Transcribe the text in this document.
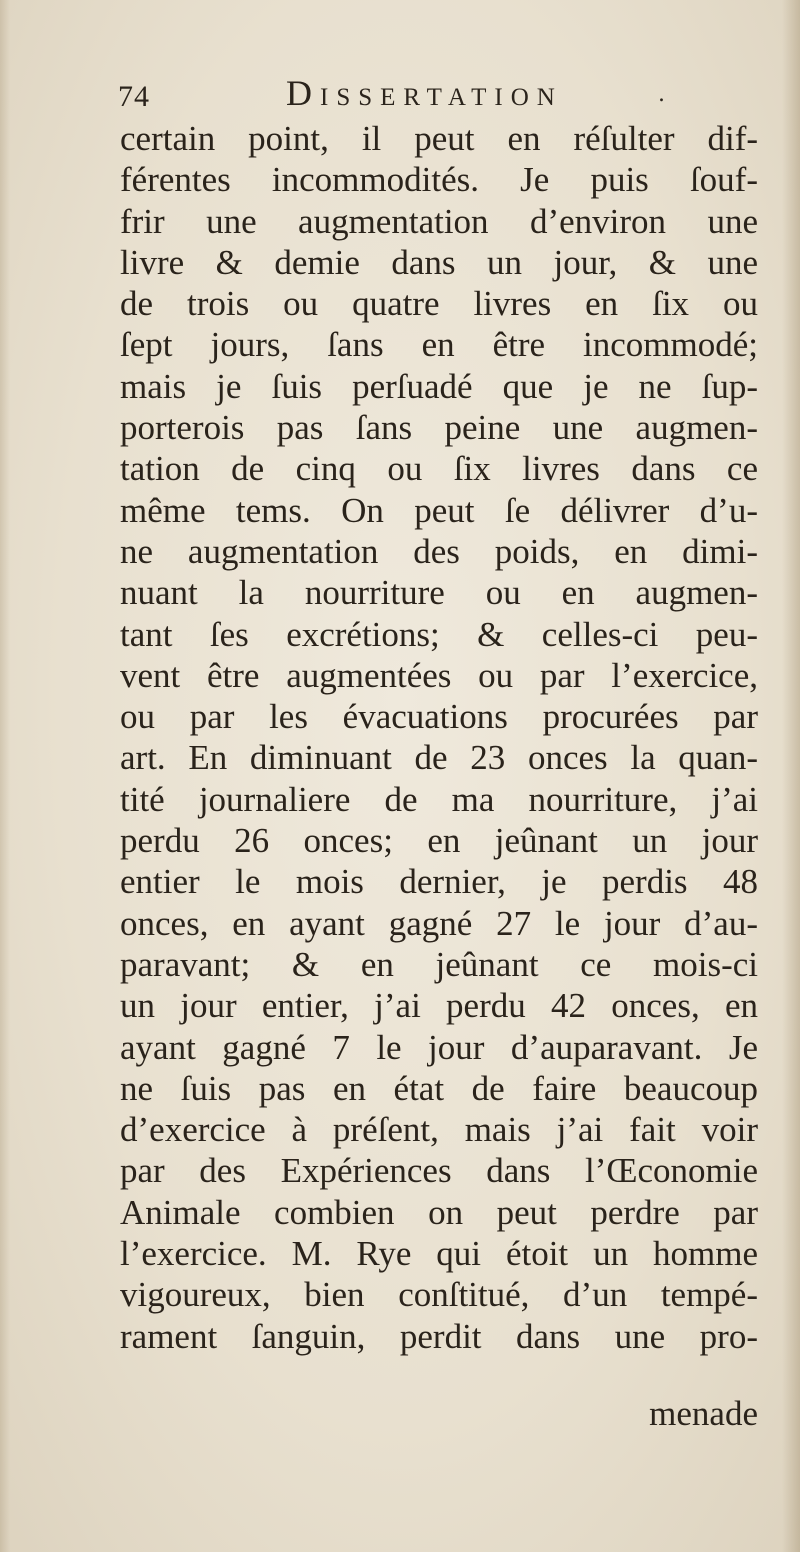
74	Dissertation	.
certain point, il peut en réſulter dif-
férentes incommodités. Je puis ſouf-
frir une augmentation d’environ une
livre & demie dans un jour, & une
de trois ou quatre livres en ſix ou
ſept jours, ſans en être incommodé;
mais je ſuis perſuadé que je ne ſup-
porterois pas ſans peine une augmen-
tation de cinq ou ſix livres dans ce
même tems. On peut ſe délivrer d’u-
ne augmentation des poids, en dimi-
nuant la nourriture ou en augmen-
tant ſes excrétions; & celles-ci peu-
vent être augmentées ou par l’exercice,
ou par les évacuations procurées par
art. En diminuant de 23 onces la quan-
tité journaliere de ma nourriture, j’ai
perdu 26 onces; en jeûnant un jour
entier le mois dernier, je perdis 48
onces, en ayant gagné 27 le jour d’au-
paravant; & en jeûnant ce mois-ci
un jour entier, j’ai perdu 42 onces, en
ayant gagné 7 le jour d’auparavant. Je
ne ſuis pas en état de faire beaucoup
d’exercice à préſent, mais j’ai fait voir
par des Expériences dans l’Œconomie
Animale combien on peut perdre par
l’exercice. M. Rye qui étoit un homme
vigoureux, bien conſtitué, d’un tempé-
rament ſanguin, perdit dans une pro-
menade
